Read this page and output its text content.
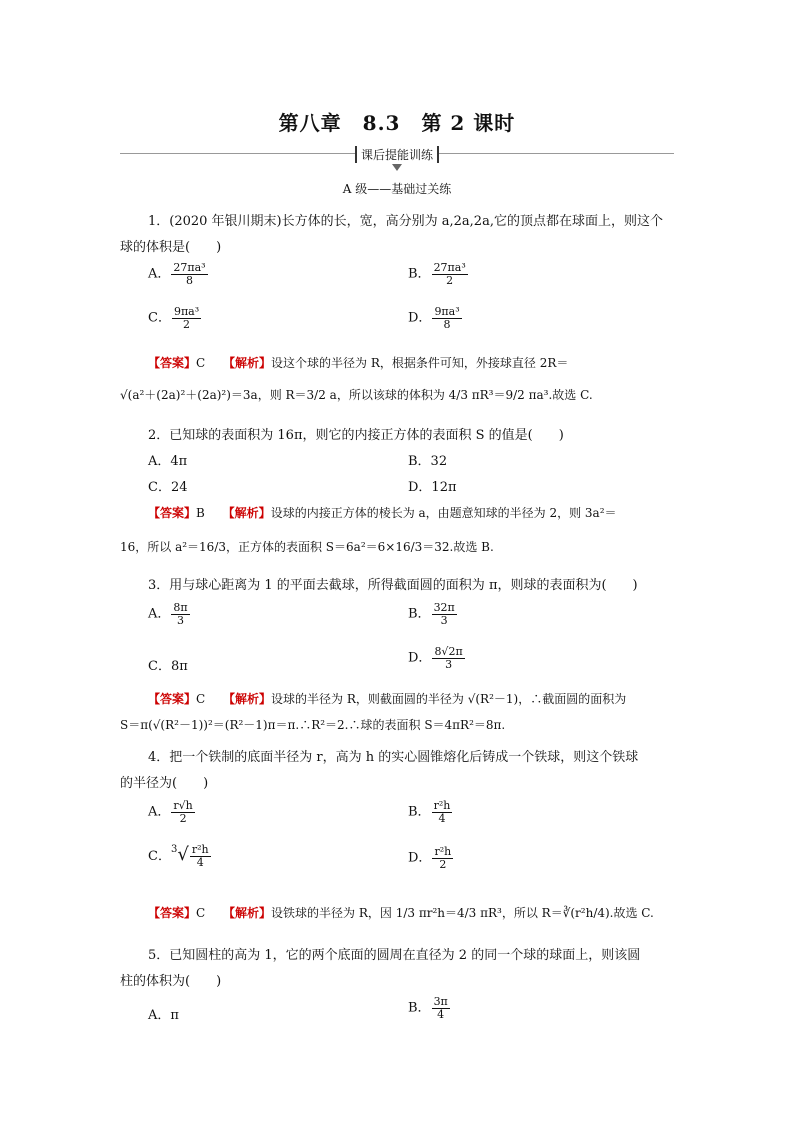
第八章　8.3　第 2 课时
课后提能训练
A 级——基础过关练
1．(2020 年银川期末)长方体的长，宽，高分别为 a,2a,2a,它的顶点都在球面上，则这个
球的体积是(　　)
A． $\frac{\text{27πa³}}{8}$	B． $\frac{\text{27πa³}}{2}$
C． $\frac{\text{9πa³}}{2}$	D． $\frac{\text{9πa³}}{8}$
【答案】C 【解析】设这个球的半径为 R，根据条件可知，外接球直径 2R＝
√(a²＋(2a)²＋(2a)²)＝3a，则 R＝3/2 a，所以该球的体积为 4/3 πR³＝9/2 πa³.故选 C.
2．已知球的表面积为 16π，则它的内接正方体的表面积 S 的值是(　　)
A．4π	B．32
C．24	D．12π
【答案】B 【解析】设球的内接正方体的棱长为 a，由题意知球的半径为 2，则 3a²＝
16，所以 a²＝16/3，正方体的表面积 S＝6a²＝6×16/3＝32.故选 B.
3．用与球心距离为 1 的平面去截球，所得截面圆的面积为 π，则球的表面积为(　　)
A． $\frac{8\pi}{3}$	B． $\frac{32\pi}{3}$
C．8π
D． $\frac{8√2\pi}{3}$
【答案】C 【解析】设球的半径为 R，则截面圆的半径为 √(R²－1)，∴截面圆的面积为
S＝π(√(R²－1))²＝(R²－1)π＝π.∴R²＝2.∴球的表面积 S＝4πR²＝8π.
4．把一个铁制的底面半径为 r，高为 h 的实心圆锥熔化后铸成一个铁球，则这个铁球
的半径为(　　)
A． $\frac{r√h}{2}$	B． $\frac{\text{r²h}}{4}$
C．$^3√ \frac{\text{r²h}}{4}$	D． $\frac{\text{r²h}}{2}$
【答案】C 【解析】设铁球的半径为 R，因 1/3 πr²h＝4/3 πR³，所以 R＝∛(r²h/4).故选 C.
5．已知圆柱的高为 1，它的两个底面的圆周在直径为 2 的同一个球的球面上，则该圆
柱的体积为(　　)
A．π	B． $\frac{3\pi}{4}$
